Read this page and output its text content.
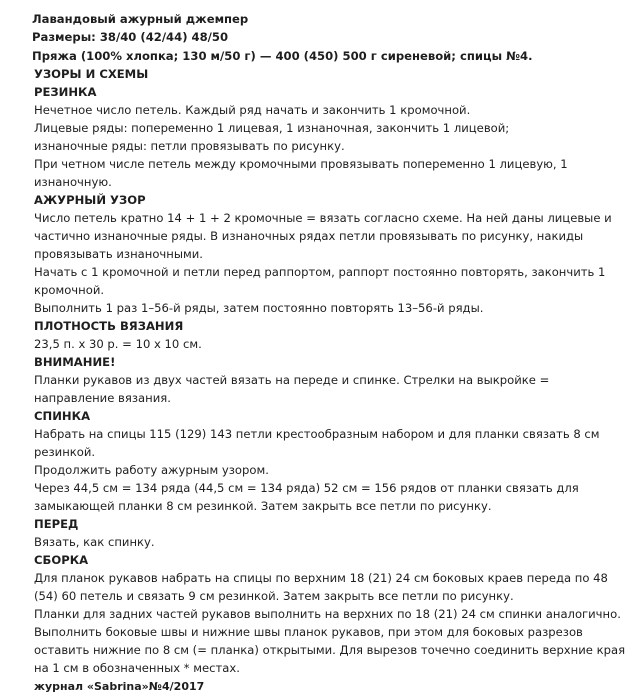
Лавандовый ажурный джемпер

Размеры: 38/40 (42/44) 48/50

Пряжа (100% хлопка; 130 м/50 г) — 400 (450) 500 г сиреневой; спицы №4.

УЗОРЫ И СХЕМЫ

РЕЗИНКА

Нечетное число петель. Каждый ряд начать и закончить 1 кромочной.

Лицевые ряды: попеременно 1 лицевая, 1 изнаночная, закончить 1 лицевой;

изнаночные ряды: петли провязывать по рисунку.

При четном числе петель между кромочными провязывать попеременно 1 лицевую, 1

изнаночную.

АЖУРНЫЙ УЗОР

Число петель кратно 14 + 1 + 2 кромочные = вязать согласно схеме. На ней даны лицевые и

частично изнаночные ряды. В изнаночных рядах петли провязывать по рисунку, накиды

провязывать изнаночными.

Начать с 1 кромочной и петли перед раппортом, раппорт постоянно повторять, закончить 1

кромочной.

Выполнить 1 раз 1–56-й ряды, затем постоянно повторять 13–56-й ряды.

ПЛОТНОСТЬ ВЯЗАНИЯ

23,5 п. x 30 р. = 10 x 10 см.

ВНИМАНИЕ!

Планки рукавов из двух частей вязать на переде и спинке. Стрелки на выкройке =

направление вязания.

СПИНКА

Набрать на спицы 115 (129) 143 петли крестообразным набором и для планки связать 8 см

резинкой.

Продолжить работу ажурным узором.

Через 44,5 см = 134 ряда (44,5 см = 134 ряда) 52 см = 156 рядов от планки связать для

замыкающей планки 8 см резинкой. Затем закрыть все петли по рисунку.

ПЕРЕД

Вязать, как спинку.

СБОРКА

Для планок рукавов набрать на спицы по верхним 18 (21) 24 см боковых краев переда по 48

(54) 60 петель и связать 9 см резинкой. Затем закрыть все петли по рисунку.

Планки для задних частей рукавов выполнить на верхних по 18 (21) 24 см спинки аналогично.

Выполнить боковые швы и нижние швы планок рукавов, при этом для боковых разрезов

оставить нижние по 8 см (= планка) открытыми. Для вырезов точечно соединить верхние края

на 1 см в обозначенных * местах.

журнал «Sabrina»№4/2017
